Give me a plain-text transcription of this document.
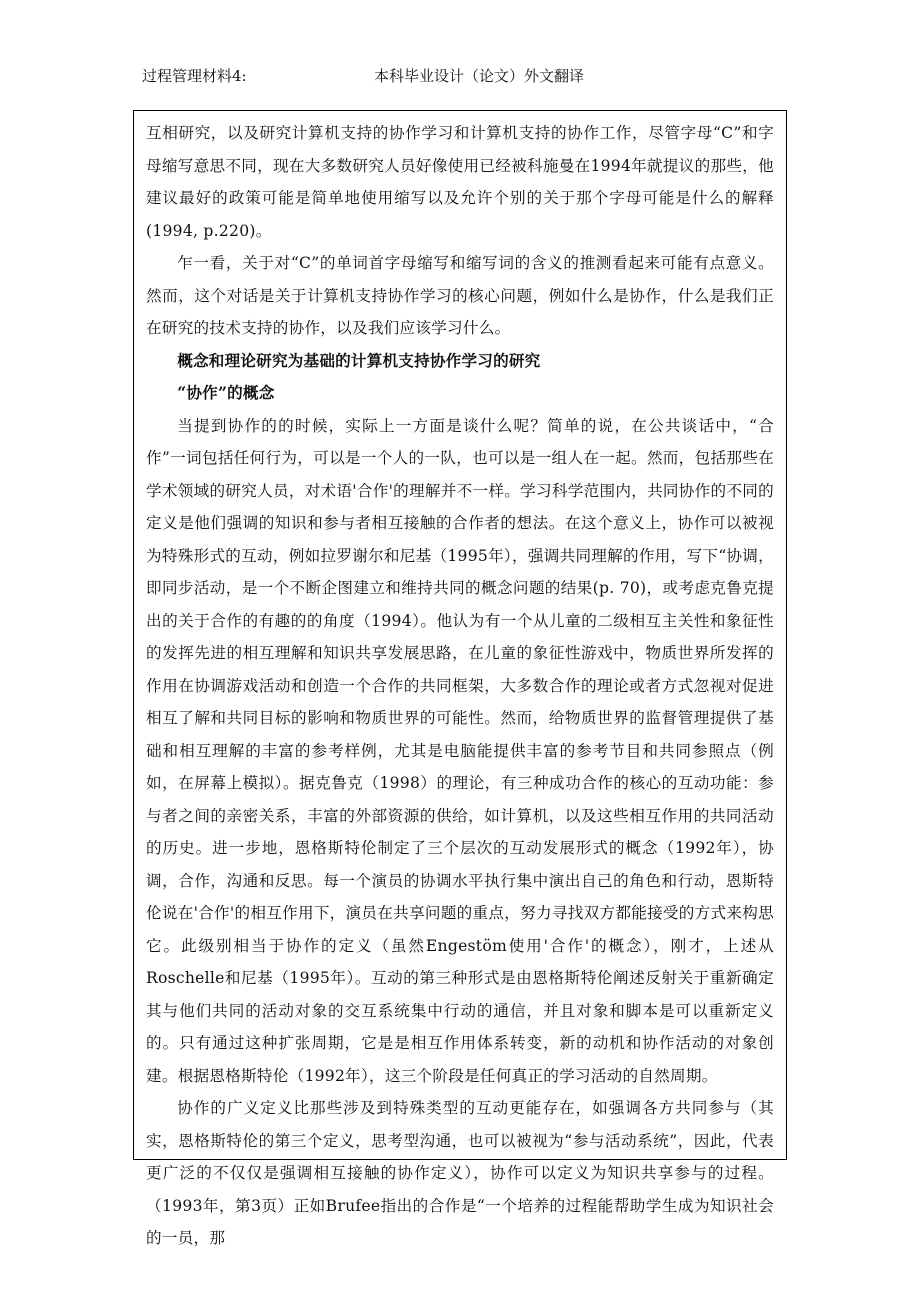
过程管理材料4:	本科毕业设计（论文）外文翻译

互相研究，以及研究计算机支持的协作学习和计算机支持的协作工作，尽管字母“C”和字母缩写意思不同，现在大多数研究人员好像使用已经被科施曼在1994年就提议的那些，他建议最好的政策可能是简单地使用缩写以及允许个别的关于那个字母可能是什么的解释(1994, p.220)。

乍一看，关于对“C”的单词首字母缩写和缩写词的含义的推测看起来可能有点意义。然而，这个对话是关于计算机支持协作学习的核心问题，例如什么是协作，什么是我们正在研究的技术支持的协作，以及我们应该学习什么。

概念和理论研究为基础的计算机支持协作学习的研究

“协作”的概念

当提到协作的的时候，实际上一方面是谈什么呢？简单的说，在公共谈话中，“合作”一词包括任何行为，可以是一个人的一队，也可以是一组人在一起。然而，包括那些在学术领域的研究人员，对术语'合作'的理解并不一样。学习科学范围内，共同协作的不同的定义是他们强调的知识和参与者相互接触的合作者的想法。在这个意义上，协作可以被视为特殊形式的互动，例如拉罗谢尔和尼基（1995年），强调共同理解的作用，写下“协调，即同步活动，是一个不断企图建立和维持共同的概念问题的结果(p. 70)，或考虑克鲁克提出的关于合作的有趣的的角度（1994）。他认为有一个从儿童的二级相互主关性和象征性的发挥先进的相互理解和知识共享发展思路，在儿童的象征性游戏中，物质世界所发挥的作用在协调游戏活动和创造一个合作的共同框架，大多数合作的理论或者方式忽视对促进相互了解和共同目标的影响和物质世界的可能性。然而，给物质世界的监督管理提供了基础和相互理解的丰富的参考样例，尤其是电脑能提供丰富的参考节目和共同参照点（例如，在屏幕上模拟）。据克鲁克（1998）的理论，有三种成功合作的核心的互动功能：参与者之间的亲密关系，丰富的外部资源的供给，如计算机，以及这些相互作用的共同活动的历史。进一步地，恩格斯特伦制定了三个层次的互动发展形式的概念（1992年），协调，合作，沟通和反思。每一个演员的协调水平执行集中演出自己的角色和行动，恩斯特伦说在'合作'的相互作用下，演员在共享问题的重点，努力寻找双方都能接受的方式来构思它。此级别相当于协作的定义（虽然Engestöm使用'合作'的概念），刚才，上述从Roschelle和尼基（1995年）。互动的第三种形式是由恩格斯特伦阐述反射关于重新确定其与他们共同的活动对象的交互系统集中行动的通信，并且对象和脚本是可以重新定义的。只有通过这种扩张周期，它是是相互作用体系转变，新的动机和协作活动的对象创建。根据恩格斯特伦（1992年），这三个阶段是任何真正的学习活动的自然周期。

协作的广义定义比那些涉及到特殊类型的互动更能存在，如强调各方共同参与（其实，恩格斯特伦的第三个定义，思考型沟通，也可以被视为“参与活动系统”，因此，代表更广泛的不仅仅是强调相互接触的协作定义），协作可以定义为知识共享参与的过程。（1993年，第3页）正如Brufee指出的合作是“一个培养的过程能帮助学生成为知识社会的一员，那
